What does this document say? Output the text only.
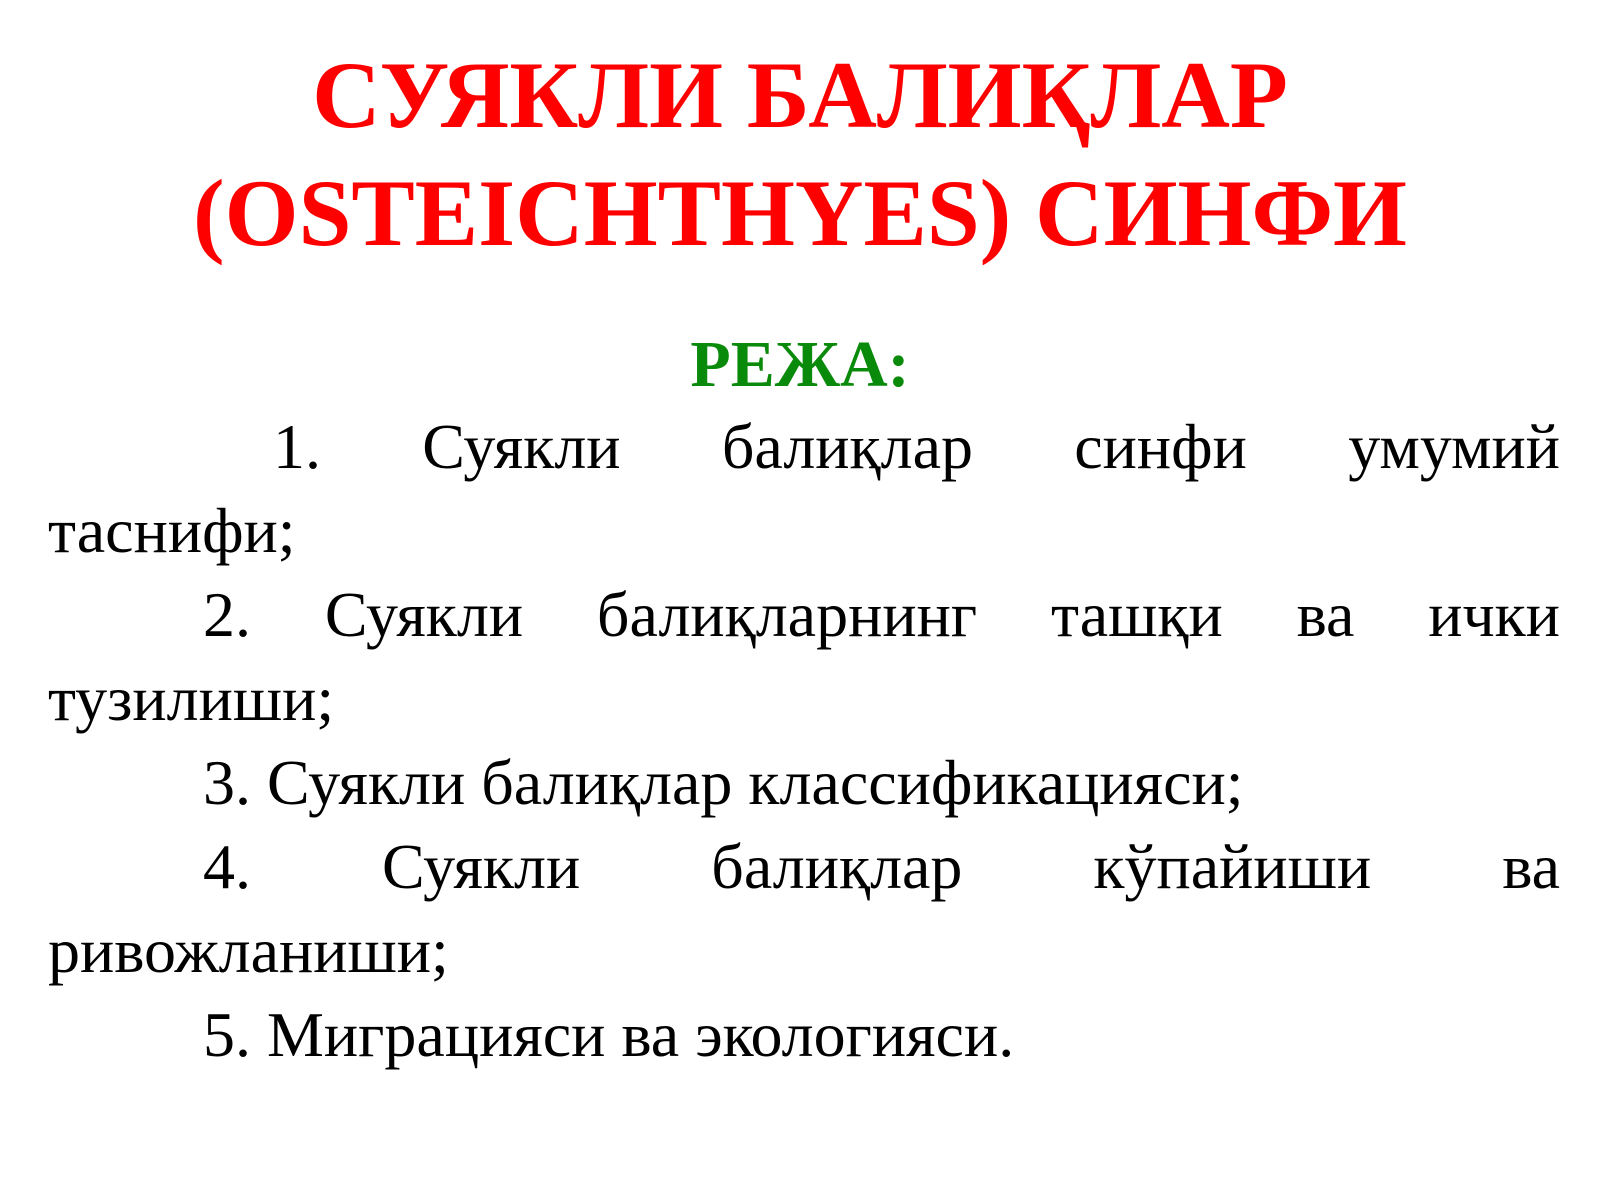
СУЯКЛИ БАЛИҚЛАР
(OSTEICHTHYES) СИНФИ
РЕЖА:
1. Суякли балиқлар синфи умумий
таснифи;
2. Суякли балиқларнинг ташқи ва ички
тузилиши;
3. Суякли балиқлар классификацияси;
4. Суякли балиқлар кўпайиши ва
ривожланиши;
5. Миграцияси ва экологияси.
